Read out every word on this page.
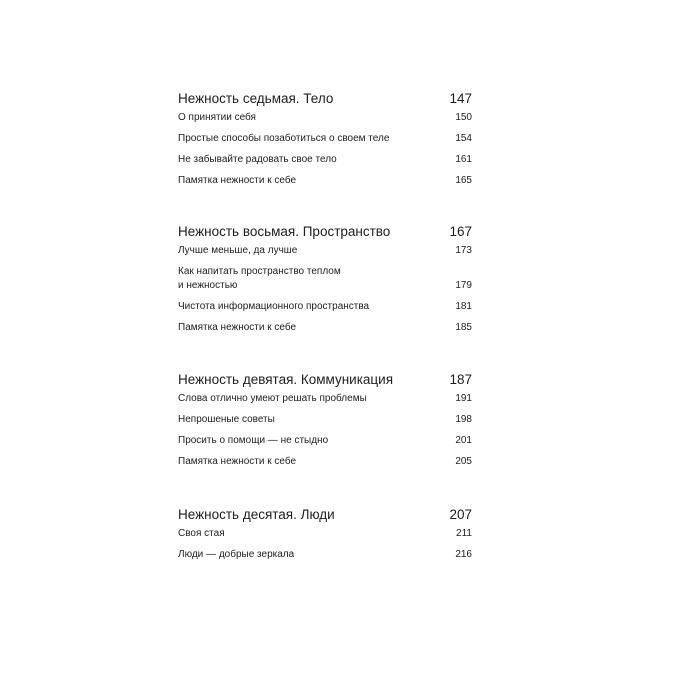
Нежность седьмая. Тело	147
О принятии себя	150
Простые способы позаботиться о своем теле	154
Не забывайте радовать свое тело	161
Памятка нежности к себе	165
Нежность восьмая. Пространство	167
Лучше меньше, да лучше	173
Как напитать пространство теплом
и нежностью	179
Чистота информационного пространства	181
Памятка нежности к себе	185
Нежность девятая. Коммуникация	187
Слова отлично умеют решать проблемы	191
Непрошеные советы	198
Просить о помощи — не стыдно	201
Памятка нежности к себе	205
Нежность десятая. Люди	207
Своя стая	211
Люди — добрые зеркала	216
